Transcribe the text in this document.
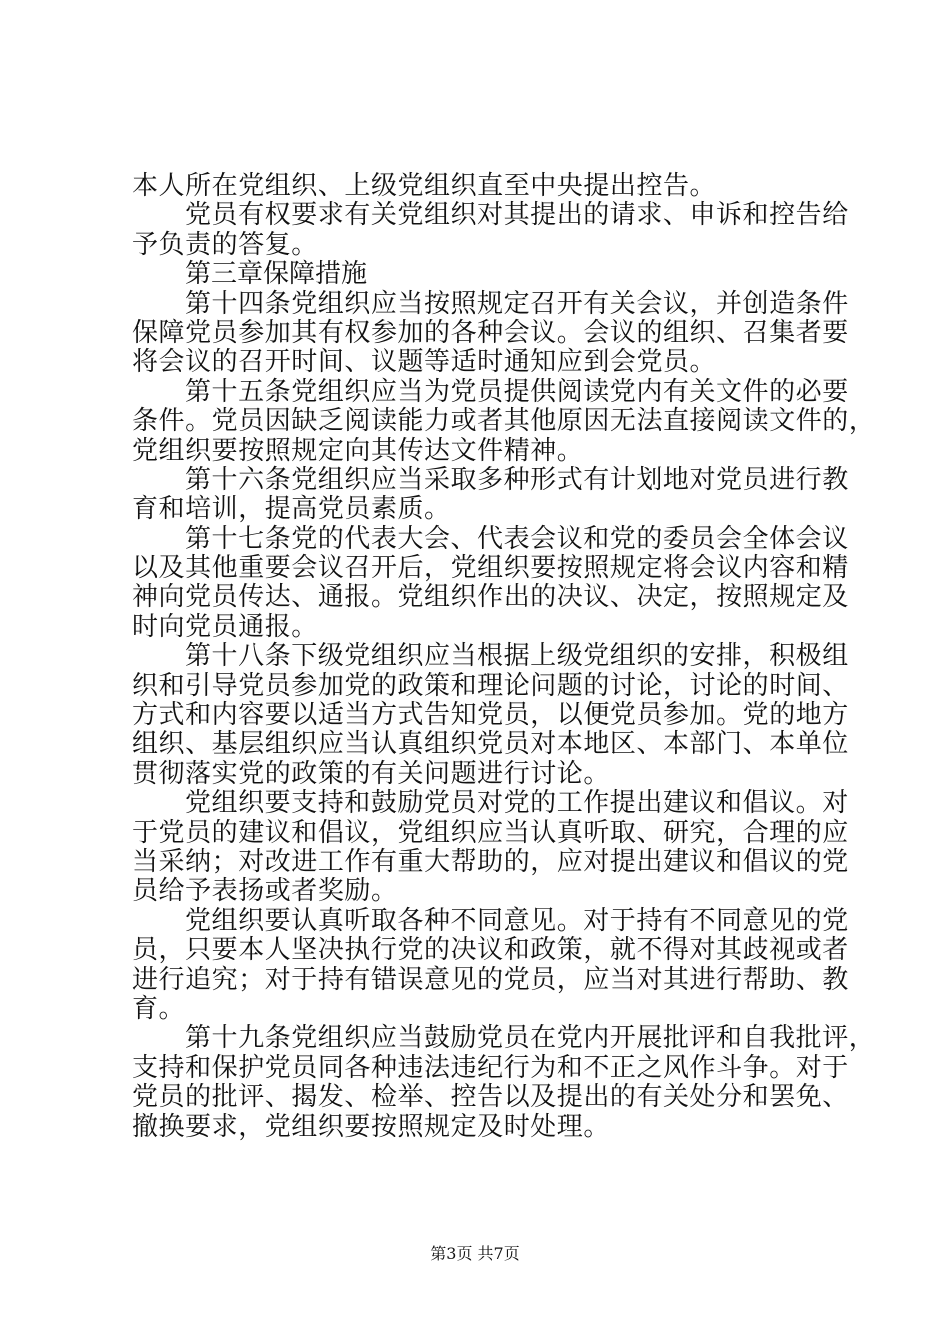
本人所在党组织、上级党组织直至中央提出控告。
党员有权要求有关党组织对其提出的请求、申诉和控告给
予负责的答复。
第三章保障措施
第十四条党组织应当按照规定召开有关会议，并创造条件
保障党员参加其有权参加的各种会议。会议的组织、召集者要
将会议的召开时间、议题等适时通知应到会党员。
第十五条党组织应当为党员提供阅读党内有关文件的必要
条件。党员因缺乏阅读能力或者其他原因无法直接阅读文件的，
党组织要按照规定向其传达文件精神。
第十六条党组织应当采取多种形式有计划地对党员进行教
育和培训，提高党员素质。
第十七条党的代表大会、代表会议和党的委员会全体会议
以及其他重要会议召开后，党组织要按照规定将会议内容和精
神向党员传达、通报。党组织作出的决议、决定，按照规定及
时向党员通报。
第十八条下级党组织应当根据上级党组织的安排，积极组
织和引导党员参加党的政策和理论问题的讨论，讨论的时间、
方式和内容要以适当方式告知党员，以便党员参加。党的地方
组织、基层组织应当认真组织党员对本地区、本部门、本单位
贯彻落实党的政策的有关问题进行讨论。
党组织要支持和鼓励党员对党的工作提出建议和倡议。对
于党员的建议和倡议，党组织应当认真听取、研究，合理的应
当采纳；对改进工作有重大帮助的，应对提出建议和倡议的党
员给予表扬或者奖励。
党组织要认真听取各种不同意见。对于持有不同意见的党
员，只要本人坚决执行党的决议和政策，就不得对其歧视或者
进行追究；对于持有错误意见的党员，应当对其进行帮助、教
育。
第十九条党组织应当鼓励党员在党内开展批评和自我批评，
支持和保护党员同各种违法违纪行为和不正之风作斗争。对于
党员的批评、揭发、检举、控告以及提出的有关处分和罢免、
撤换要求，党组织要按照规定及时处理。
第3页 共7页
